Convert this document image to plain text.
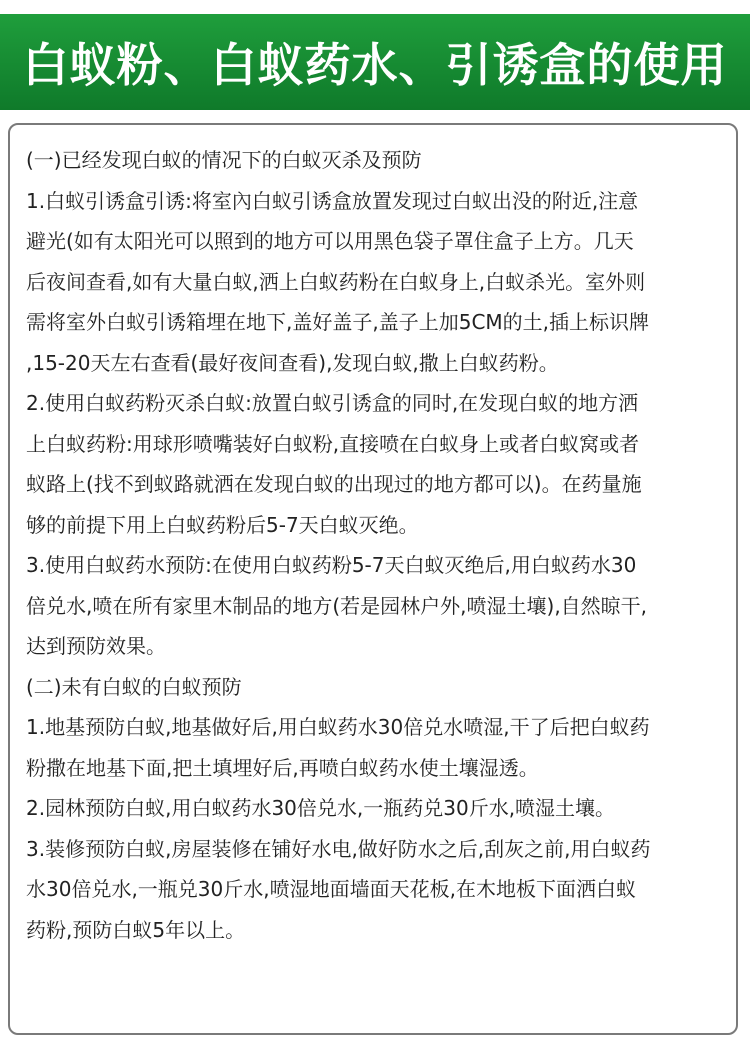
白蚁粉、白蚁药水、引诱盒的使用
(一)已经发现白蚁的情况下的白蚁灭杀及预防
1.白蚁引诱盒引诱:将室內白蚁引诱盒放置发现过白蚁出没的附近,注意
避光(如有太阳光可以照到的地方可以用黑色袋子罩住盒子上方。几天
后夜间查看,如有大量白蚁,洒上白蚁药粉在白蚁身上,白蚁杀光。室外则
需将室外白蚁引诱箱埋在地下,盖好盖子,盖子上加5CM的土,插上标识牌
,15-20天左右查看(最好夜间查看),发现白蚁,撒上白蚁药粉。
2.使用白蚁药粉灭杀白蚁:放置白蚁引诱盒的同时,在发现白蚁的地方洒
上白蚁药粉:用球形喷嘴装好白蚁粉,直接喷在白蚁身上或者白蚁窝或者
蚁路上(找不到蚁路就洒在发现白蚁的出现过的地方都可以)。在药量施
够的前提下用上白蚁药粉后5-7天白蚁灭绝。
3.使用白蚁药水预防:在使用白蚁药粉5-7天白蚁灭绝后,用白蚁药水30
倍兑水,喷在所有家里木制品的地方(若是园林户外,喷湿土壤),自然晾干,
达到预防效果。
(二)未有白蚁的白蚁预防
1.地基预防白蚁,地基做好后,用白蚁药水30倍兑水喷湿,干了后把白蚁药
粉撒在地基下面,把土填埋好后,再喷白蚁药水使土壤湿透。
2.园林预防白蚁,用白蚁药水30倍兑水,一瓶药兑30斤水,喷湿土壤。
3.装修预防白蚁,房屋装修在铺好水电,做好防水之后,刮灰之前,用白蚁药
水30倍兑水,一瓶兑30斤水,喷湿地面墙面天花板,在木地板下面洒白蚁
药粉,预防白蚁5年以上。
